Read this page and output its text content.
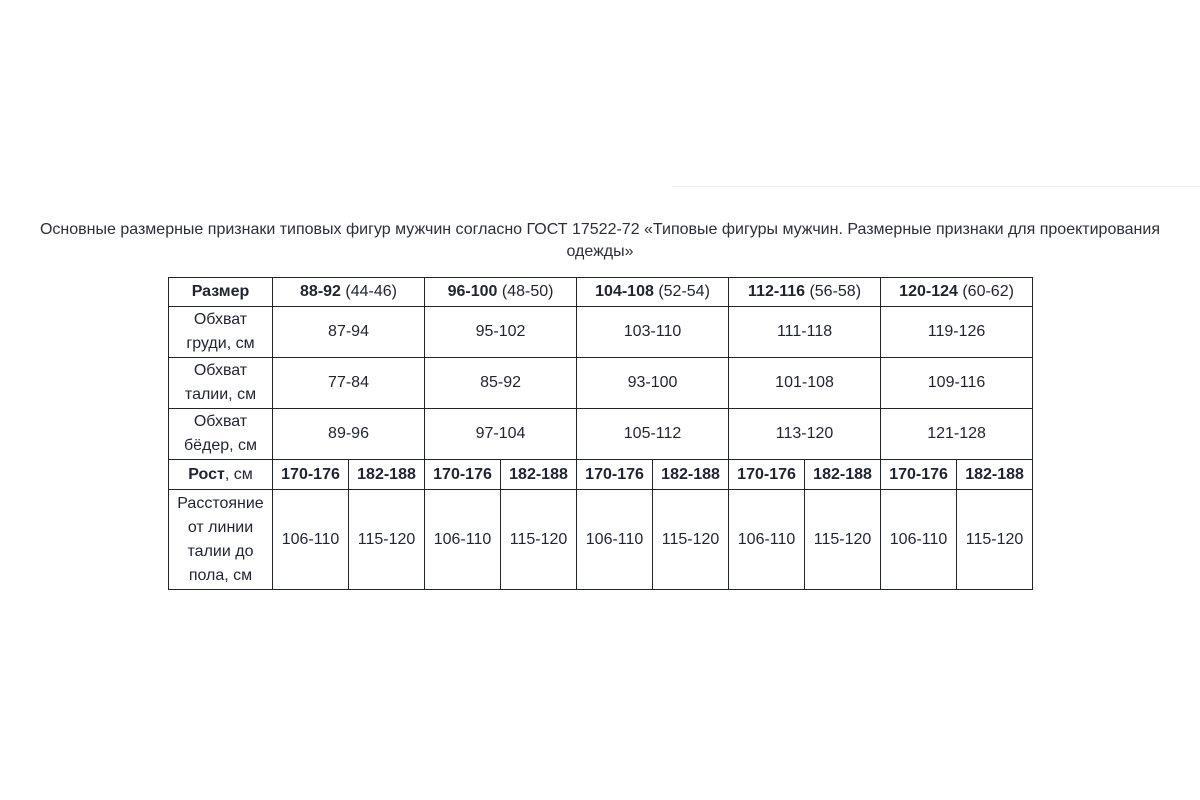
Основные размерные признаки типовых фигур мужчин согласно ГОСТ 17522-72 «Типовые фигуры мужчин. Размерные признаки для проектирования
одежды»
Размер	88-92 (44-46)		96-100 (48-50)		104-108 (52-54)		112-116 (56-58)		120-124 (60-62)	

Обхват
груди, см	87-94		95-102		103-110		111-118		119-126	

Обхват
талии, см	77-84		85-92		93-100		101-108		109-116	

Обхват
бёдер, см	89-96		97-104		105-112		113-120		121-128	
Рост, см	170-176	182-188	170-176	182-188	170-176	182-188	170-176	182-188	170-176	182-188

Расстояние
от линии
талии до
пола, см	106-110	115-120	106-110	115-120	106-110	115-120	106-110	115-120	106-110	115-120
